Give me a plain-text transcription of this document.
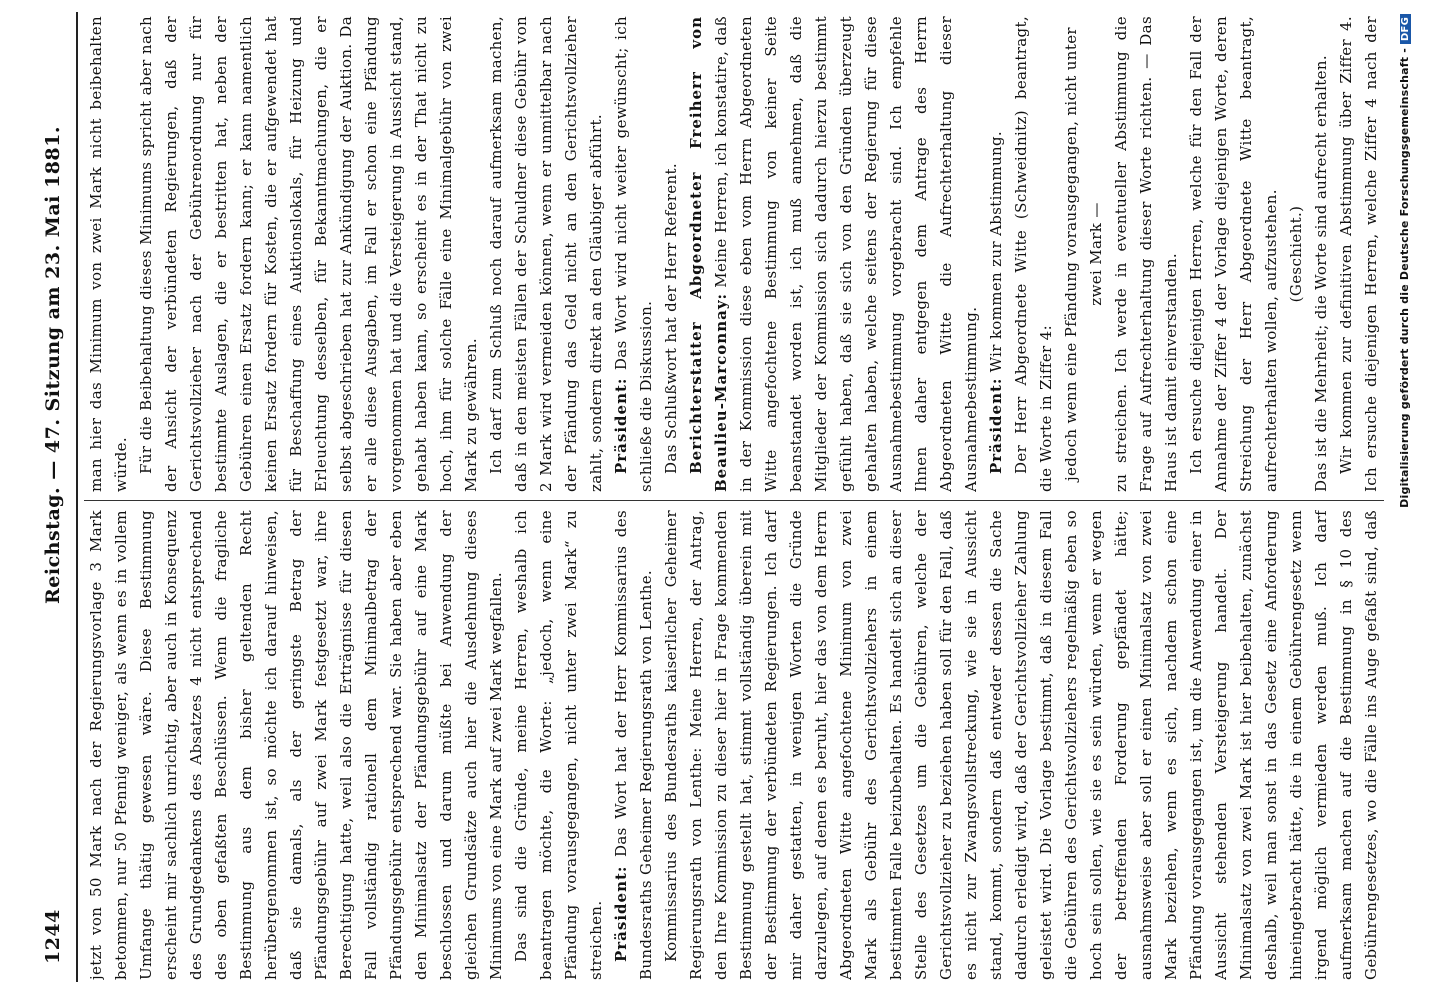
1244
Reichstag. — 47. Sitzung am 23. Mai 1881.

jetzt von 50 Mark nach der Regierungsvorlage 3 Mark betommen, nur 50 Pfennig weniger, als wenn es in vollem Umfange thätig gewesen wäre. Diese Bestimmung erscheint mir sachlich unrichtig, aber auch in Konsequenz des Grundgedankens des Absatzes 4 nicht entsprechend des oben gefaßten Beschlüssen. Wenn die fragliche Bestimmung aus dem bisher geltenden Recht herübergenommen ist, so möchte ich darauf hinweisen, daß sie damals, als der geringste Betrag der Pfändungsgebühr auf zwei Mark festgesetzt war, ihre Berechtigung hatte, weil also die Erträgnisse für diesen Fall vollständig rationell dem Minimalbetrag der Pfändungsgebühr entsprechend war. Sie haben aber eben den Minimalsatz der Pfändungsgebühr auf eine Mark beschlossen und darum müßte bei Anwendung der gleichen Grundsätze auch hier die Ausdehnung dieses Minimums von eine Mark auf zwei Mark wegfallen. Das sind die Gründe, meine Herren, weshalb ich beantragen möchte, die Worte: „jedoch, wenn eine Pfändung vorausgegangen, nicht unter zwei Mark“ zu streichen. Präsident: Das Wort hat der Herr Kommissarius des Bundesraths Geheimer Regierungsrath von Lenthe. Kommissarius des Bundesraths kaiserlicher Geheimer Regierungsrath von Lenthe: Meine Herren, der Antrag, den Ihre Kommission zu dieser hier in Frage kommenden Bestimmung gestellt hat, stimmt vollständig überein mit der Bestimmung der verbündeten Regierungen. Ich darf mir daher gestatten, in wenigen Worten die Gründe darzulegen, auf denen es beruht, hier das von dem Herrn Abgeordneten Witte angefochtene Minimum von zwei Mark als Gebühr des Gerichtsvollziehers in einem bestimmten Falle beizubehalten. Es handelt sich an dieser Stelle des Gesetzes um die Gebühren, welche der Gerichtsvollzieher zu beziehen haben soll für den Fall, daß es nicht zur Zwangsvollstreckung, wie sie in Aussicht stand, kommt, sondern daß entweder dessen die Sache dadurch erledigt wird, daß der Gerichtsvollzieher Zahlung geleistet wird. Die Vorlage bestimmt, daß in diesem Fall die Gebühren des Gerichtsvollziehers regelmäßig eben so hoch sein sollen, wie sie es sein würden, wenn er wegen der betreffenden Forderung gepfändet hätte; ausnahmsweise aber soll er einen Minimalsatz von zwei Mark beziehen, wenn es sich, nachdem schon eine Pfändung vorausgegangen ist, um die Anwendung einer in Aussicht stehenden Versteigerung handelt. Der Minimalsatz von zwei Mark ist hier beibehalten, zunächst deshalb, weil man sonst in das Gesetz eine Anforderung hineingebracht hätte, die in einem Gebührengesetz wenn irgend möglich vermieden werden muß. Ich darf aufmerksam machen auf die Bestimmung in § 10 des Gebührengesetzes, wo die Fälle ins Auge gefaßt sind, daß

man hier das Minimum von zwei Mark nicht beibehalten würde. Für die Beibehaltung dieses Minimums spricht aber nach der Ansicht der verbündeten Regierungen, daß der Gerichtsvollzieher nach der Gebührenordnung nur für bestimmte Auslagen, die er bestritten hat, neben der Gebühren einen Ersatz fordern kann; er kann namentlich keinen Ersatz fordern für Kosten, die er aufgewendet hat für Beschaffung eines Auktionslokals, für Heizung und Erleuchtung desselben, für Bekanntmachungen, die er selbst abgeschrieben hat zur Ankündigung der Auktion. Da er alle diese Ausgaben, im Fall er schon eine Pfändung vorgenommen hat und die Versteigerung in Aussicht stand, gehabt haben kann, so erscheint es in der That nicht zu hoch, ihm für solche Fälle eine Minimalgebühr von zwei Mark zu gewähren. Ich darf zum Schluß noch darauf aufmerksam machen, daß in den meisten Fällen der Schuldner diese Gebühr von 2 Mark wird vermeiden können, wenn er unmittelbar nach der Pfändung das Geld nicht an den Gerichtsvollzieher zahlt, sondern direkt an den Gläubiger abführt. Präsident: Das Wort wird nicht weiter gewünscht; ich schließe die Diskussion. Das Schlußwort hat der Herr Referent. Berichterstatter Abgeordneter Freiherr von Beaulieu-Marconnay: Meine Herren, ich konstatire, daß in der Kommission diese eben vom Herrn Abgeordneten Witte angefochtene Bestimmung von keiner Seite beanstandet worden ist, ich muß annehmen, daß die Mitglieder der Kommission sich dadurch hierzu bestimmt gefühlt haben, daß sie sich von den Gründen überzeugt gehalten haben, welche seitens der Regierung für diese Ausnahmebestimmung vorgebracht sind. Ich empfehle Ihnen daher entgegen dem Antrage des Herrn Abgeordneten Witte die Aufrechterhaltung dieser Ausnahmebestimmung. Präsident: Wir kommen zur Abstimmung. Der Herr Abgeordnete Witte (Schweidnitz) beantragt, die Worte in Ziffer 4: jedoch wenn eine Pfändung vorausgegangen, nicht unter zwei Mark — zu streichen. Ich werde in eventueller Abstimmung die Frage auf Aufrechterhaltung dieser Worte richten. — Das Haus ist damit einverstanden. Ich ersuche diejenigen Herren, welche für den Fall der Annahme der Ziffer 4 der Vorlage diejenigen Worte, deren Streichung der Herr Abgeordnete Witte beantragt, aufrechterhalten wollen, aufzustehen. (Geschieht.) Das ist die Mehrheit; die Worte sind aufrecht erhalten. Wir kommen zur definitiven Abstimmung über Ziffer 4. Ich ersuche diejenigen Herren, welche Ziffer 4 nach der

Digitalisierung gefördert durch die Deutsche Forschungsgemeinschaft -DFG
